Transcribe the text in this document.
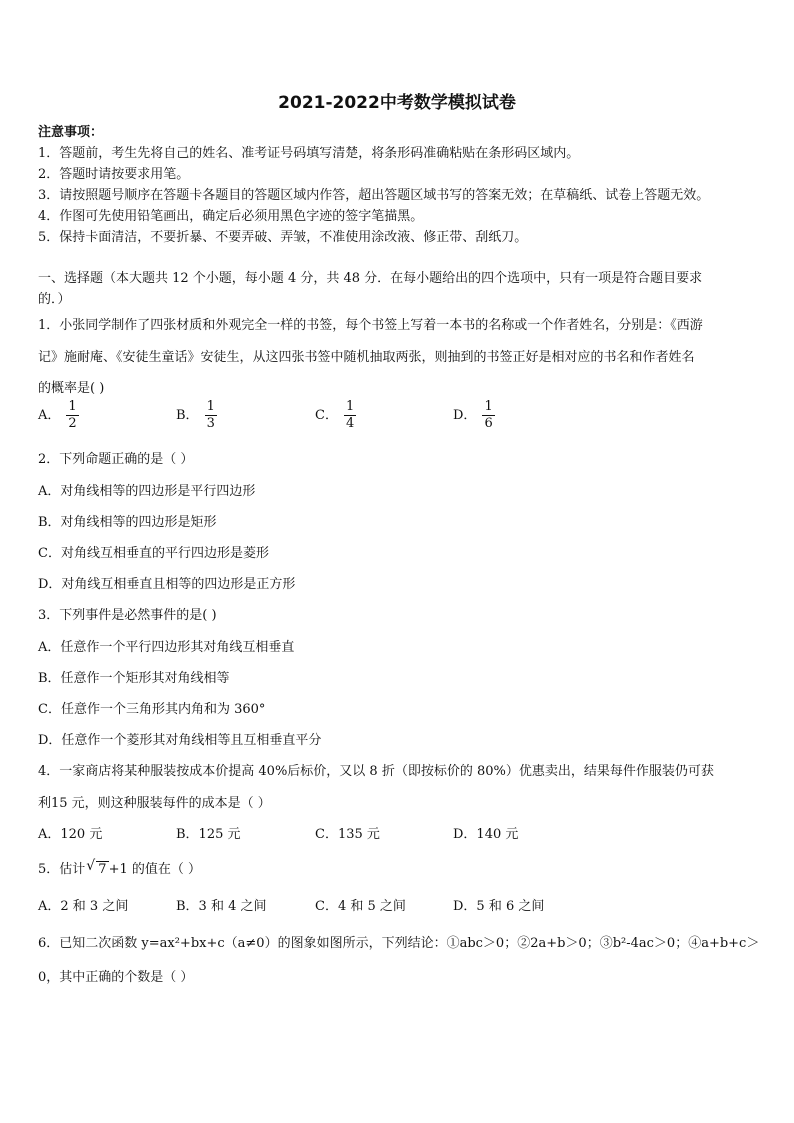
2021-2022中考数学模拟试卷
注意事项：
1．答题前，考生先将自己的姓名、准考证号码填写清楚，将条形码准确粘贴在条形码区域内。
2．答题时请按要求用笔。
3．请按照题号顺序在答题卡各题目的答题区域内作答，超出答题区域书写的答案无效；在草稿纸、试卷上答题无效。
4．作图可先使用铅笔画出，确定后必须用黑色字迹的签字笔描黑。
5．保持卡面清洁，不要折暴、不要弄破、弄皱，不准使用涂改液、修正带、刮纸刀。
一、选择题（本大题共 12 个小题，每小题 4 分，共 48 分．在每小题给出的四个选项中，只有一项是符合题目要求
的．）
1．小张同学制作了四张材质和外观完全一样的书签，每个书签上写着一本书的名称或一个作者姓名，分别是：《西游
记》施耐庵、《安徒生童话》安徒生，从这四张书签中随机抽取两张，则抽到的书签正好是相对应的书名和作者姓名
的概率是( )
A． $\frac{1}{2}$	B． $\frac{1}{3}$	C． $\frac{1}{4}$	D． $\frac{1}{6}$
2．下列命题正确的是（ ）
A．对角线相等的四边形是平行四边形
B．对角线相等的四边形是矩形
C．对角线互相垂直的平行四边形是菱形
D．对角线互相垂直且相等的四边形是正方形
3．下列事件是必然事件的是( )
A．任意作一个平行四边形其对角线互相垂直
B．任意作一个矩形其对角线相等
C．任意作一个三角形其内角和为 360°
D．任意作一个菱形其对角线相等且互相垂直平分
4．一家商店将某种服装按成本价提高 40%后标价，又以 8 折（即按标价的 80%）优惠卖出，结果每件作服装仍可获
利15 元，则这种服装每件的成本是（ ）
A．120 元	B．125 元	C．135 元	D．140 元
5．估计√ 7 +1 的值在（ ）
A．2 和 3 之间	B．3 和 4 之间	C．4 和 5 之间	D．5 和 6 之间
6．已知二次函数 y=ax²+bx+c（a≠0）的图象如图所示，下列结论：①abc＞0；②2a+b＞0；③b²-4ac＞0；④a+b+c＞
0，其中正确的个数是（ ）
